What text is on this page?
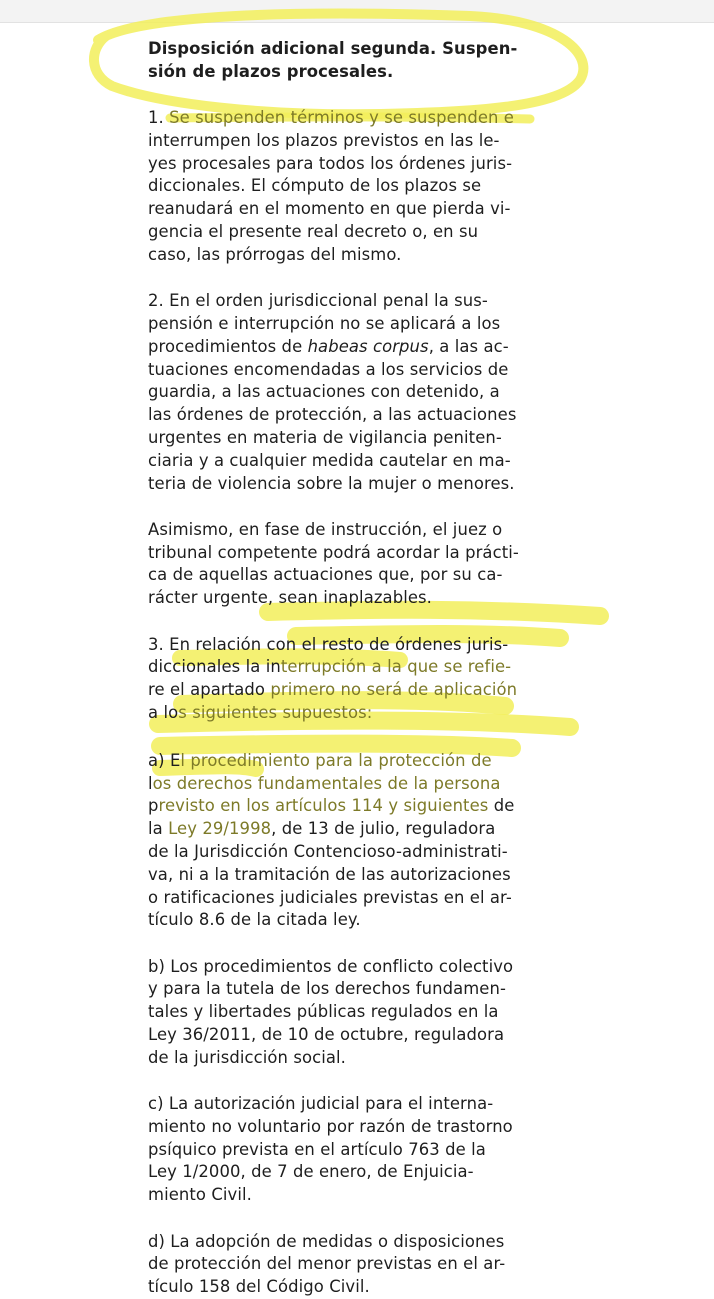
Disposición adicional segunda. Suspen-
sión de plazos procesales.
1. Se suspenden términos y se suspenden e
interrumpen los plazos previstos en las le-
yes procesales para todos los órdenes juris-
diccionales. El cómputo de los plazos se
reanudará en el momento en que pierda vi-
gencia el presente real decreto o, en su
caso, las prórrogas del mismo.
2. En el orden jurisdiccional penal la sus-
pensión e interrupción no se aplicará a los
procedimientos de habeas corpus, a las ac-
tuaciones encomendadas a los servicios de
guardia, a las actuaciones con detenido, a
las órdenes de protección, a las actuaciones
urgentes en materia de vigilancia peniten-
ciaria y a cualquier medida cautelar en ma-
teria de violencia sobre la mujer o menores.
Asimismo, en fase de instrucción, el juez o
tribunal competente podrá acordar la prácti-
ca de aquellas actuaciones que, por su ca-
rácter urgente, sean inaplazables.
3. En relación con el resto de órdenes juris-
diccionales la interrupción a la que se refie-
re el apartado primero no será de aplicación
a los siguientes supuestos:
a) El procedimiento para la protección de
los derechos fundamentales de la persona
previsto en los artículos 114 y siguientes de
la Ley 29/1998, de 13 de julio, reguladora
de la Jurisdicción Contencioso-administrati-
va, ni a la tramitación de las autorizaciones
o ratificaciones judiciales previstas en el ar-
tículo 8.6 de la citada ley.
b) Los procedimientos de conflicto colectivo
y para la tutela de los derechos fundamen-
tales y libertades públicas regulados en la
Ley 36/2011, de 10 de octubre, reguladora
de la jurisdicción social.
c) La autorización judicial para el interna-
miento no voluntario por razón de trastorno
psíquico prevista en el artículo 763 de la
Ley 1/2000, de 7 de enero, de Enjuicia-
miento Civil.
d) La adopción de medidas o disposiciones
de protección del menor previstas en el ar-
tículo 158 del Código Civil.
